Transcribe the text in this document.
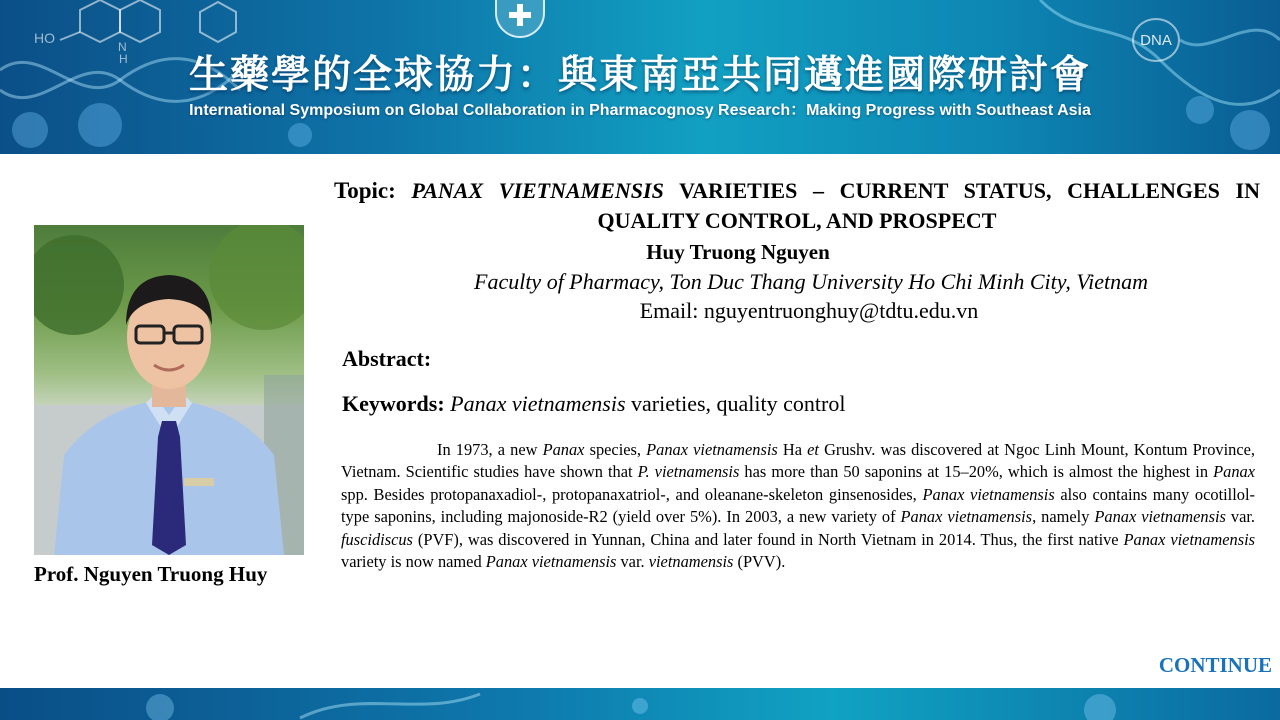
HO
N
H
DNA
生藥學的全球協力：與東南亞共同邁進國際研討會
International Symposium on Global Collaboration in Pharmacognosy Research：Making Progress with Southeast Asia
Prof. Nguyen Truong Huy
Topic: PANAX VIETNAMENSIS VARIETIES – CURRENT STATUS, CHALLENGES IN
QUALITY CONTROL, AND PROSPECT
Huy Truong Nguyen
Faculty of Pharmacy, Ton Duc Thang University Ho Chi Minh City, Vietnam
Email: nguyentruonghuy@tdtu.edu.vn
Abstract:
Keywords: Panax vietnamensis varieties, quality control
In 1973, a new Panax species, Panax vietnamensis Ha et Grushv. was discovered at Ngoc Linh Mount, Kontum Province, Vietnam. Scientific studies have shown that P. vietnamensis has more than 50 saponins at 15–20%, which is almost the highest in Panax spp. Besides protopanaxadiol-, protopanaxatriol-, and oleanane-skeleton ginsenosides, Panax vietnamensis also contains many ocotillol-type saponins, including majonoside-R2 (yield over 5%). In 2003, a new variety of Panax vietnamensis, namely Panax vietnamensis var. fuscidiscus (PVF), was discovered in Yunnan, China and later found in North Vietnam in 2014. Thus, the first native Panax vietnamensis variety is now named Panax vietnamensis var. vietnamensis (PVV).
CONTINUE
